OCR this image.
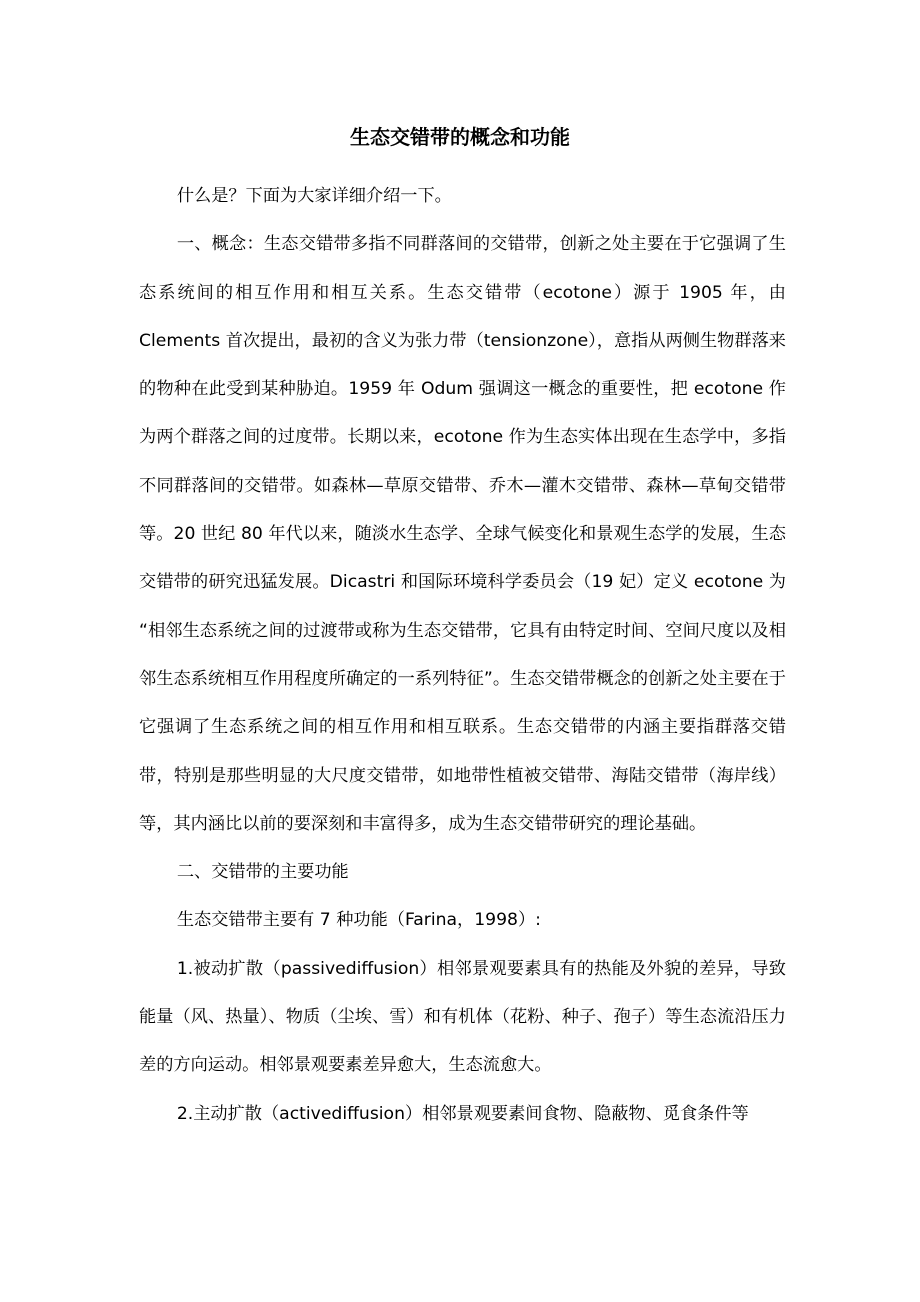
生态交错带的概念和功能

什么是？下面为大家详细介绍一下。

一、概念：生态交错带多指不同群落间的交错带，创新之处主要在于它强调了生态系统间的相互作用和相互关系。生态交错带（ecotone）源于 1905 年，由 Clements 首次提出，最初的含义为张力带（tensionzone），意指从两侧生物群落来的物种在此受到某种胁迫。1959 年 Odum 强调这一概念的重要性，把 ecotone 作为两个群落之间的过度带。长期以来，ecotone 作为生态实体出现在生态学中，多指不同群落间的交错带。如森林—草原交错带、乔木—灌木交错带、森林—草甸交错带等。20 世纪 80 年代以来，随淡水生态学、全球气候变化和景观生态学的发展，生态交错带的研究迅猛发展。Dicastri 和国际环境科学委员会（19 妃）定义 ecotone 为 “相邻生态系统之间的过渡带或称为生态交错带，它具有由特定时间、空间尺度以及相邻生态系统相互作用程度所确定的一系列特征”。生态交错带概念的创新之处主要在于它强调了生态系统之间的相互作用和相互联系。生态交错带的内涵主要指群落交错带，特别是那些明显的大尺度交错带，如地带性植被交错带、海陆交错带（海岸线）等，其内涵比以前的要深刻和丰富得多，成为生态交错带研究的理论基础。

二、交错带的主要功能

生态交错带主要有 7 种功能（Farina，1998）:

1.被动扩散（passivediffusion）相邻景观要素具有的热能及外貌的差异，导致能量（风、热量）、物质（尘埃、雪）和有机体（花粉、种子、孢子）等生态流沿压力差的方向运动。相邻景观要素差异愈大，生态流愈大。

2.主动扩散（activediffusion）相邻景观要素间食物、隐蔽物、觅食条件等
